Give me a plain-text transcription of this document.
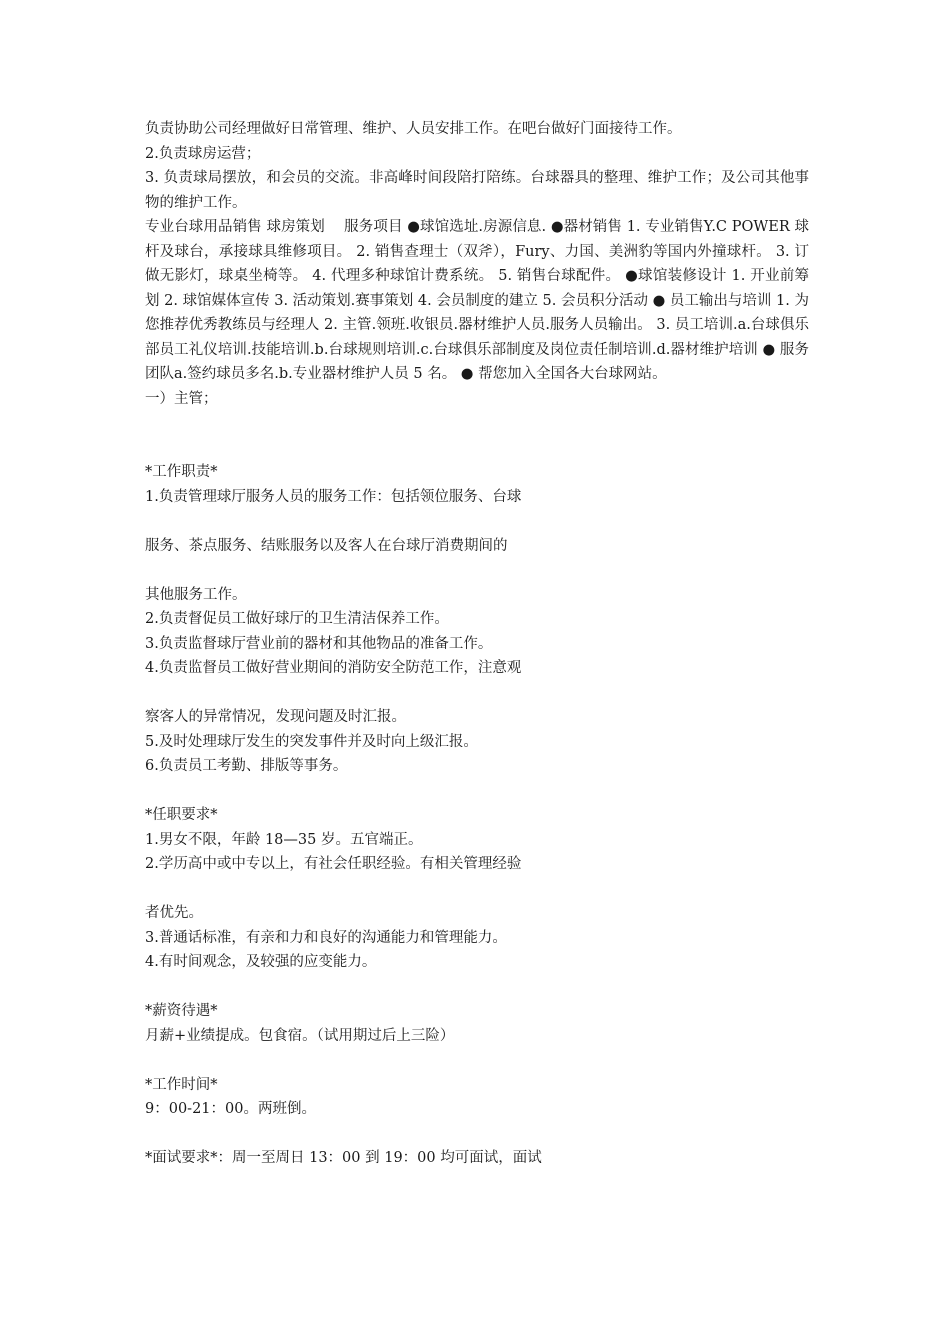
负责协助公司经理做好日常管理、维护、人员安排工作。在吧台做好门面接待工作。
2.负责球房运营；
3. 负责球局摆放，和会员的交流。非高峰时间段陪打陪练。台球器具的整理、维护工作；及公司其他事物的维护工作。
专业台球用品销售 球房策划　 服务项目 ●球馆选址.房源信息. ●器材销售 1. 专业销售Y.C POWER 球杆及球台，承接球具维修项目。 2. 销售查理士（双斧），Fury、力国、美洲豹等国内外撞球杆。 3. 订做无影灯，球桌坐椅等。 4. 代理多种球馆计费系统。 5. 销售台球配件。 ●球馆装修设计 1. 开业前筹划 2. 球馆媒体宣传 3. 活动策划.赛事策划 4. 会员制度的建立 5. 会员积分活动 ● 员工输出与培训 1. 为您推荐优秀教练员与经理人 2. 主管.领班.收银员.器材维护人员.服务人员输出。 3. 员工培训.a.台球俱乐部员工礼仪培训.技能培训.b.台球规则培训.c.台球俱乐部制度及岗位责任制培训.d.器材维护培训 ● 服务团队a.签约球员多名.b.专业器材维护人员 5 名。 ● 帮您加入全国各大台球网站。
一）主管；
*工作职责*
1.负责管理球厅服务人员的服务工作：包括领位服务、台球
服务、茶点服务、结账服务以及客人在台球厅消费期间的
其他服务工作。
2.负责督促员工做好球厅的卫生清洁保养工作。
3.负责监督球厅营业前的器材和其他物品的准备工作。
4.负责监督员工做好营业期间的消防安全防范工作，注意观
察客人的异常情况，发现问题及时汇报。
5.及时处理球厅发生的突发事件并及时向上级汇报。
6.负责员工考勤、排版等事务。
*任职要求*
1.男女不限，年龄 18—35 岁。五官端正。
2.学历高中或中专以上，有社会任职经验。有相关管理经验
者优先。
3.普通话标准，有亲和力和良好的沟通能力和管理能力。
4.有时间观念，及较强的应变能力。
*薪资待遇*
月薪+业绩提成。包食宿。（试用期过后上三险）
*工作时间*
9：00-21：00。两班倒。
*面试要求*：周一至周日 13：00 到 19：00 均可面试，面试
